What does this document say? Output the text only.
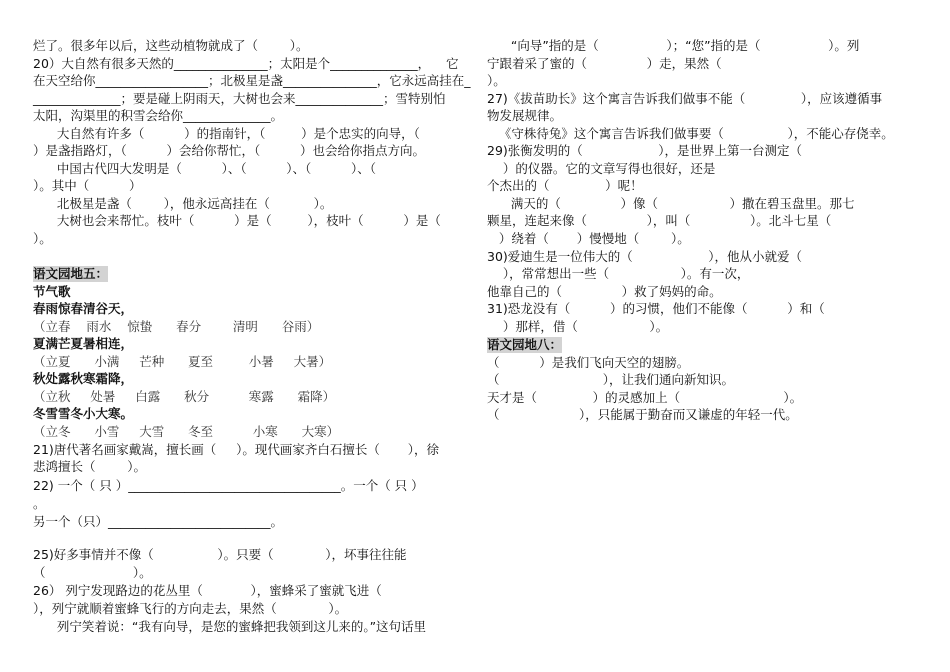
烂了。很多年以后，这些动植物就成了（        ）。
20）大自然有很多天然的_______________；太阳是个______________，    它
在天空给你__________________；北极星是盏_______________，它永远高挂在_
______________；要是碰上阴雨天，大树也会来______________；雪特别怕
太阳，沟渠里的积雪会给你______________。
大自然有许多（          ）的指南针，（         ）是个忠实的向导，（
）是盏指路灯，（          ）会给你帮忙，（          ）也会给你指点方向。
中国古代四大发明是（          ）、（          ）、（          ）、（
）。其中（          ）
北极星是盏（        ），他永远高挂在（           ）。
大树也会来帮忙。枝叶（          ）是（         ），枝叶（          ）是（
）。
语文园地五：
节气歌
春雨惊春清谷天，
（立春    雨水    惊蛰      春分        清明      谷雨）
夏满芒夏暑相连，
（立夏      小满     芒种      夏至         小暑     大暑）
秋处露秋寒霜降，
（立秋     处暑     白露      秋分          寒露      霜降）
冬雪雪冬小大寒。
（立冬      小雪     大雪      冬至          小寒      大寒）
21)唐代著名画家戴嵩，擅长画（     ）。现代画家齐白石擅长（       ），徐
悲鸿擅长（        ）。
22) 一个（ 只 ）__________________________________。一个（ 只 ）
。
另一个（只）__________________________。
25)好多事情并不像（                ）。只要（             ），坏事往往能
（                      ）。
26） 列宁发现路边的花丛里（            ），蜜蜂采了蜜就飞进（
），列宁就顺着蜜蜂飞行的方向走去，果然（             ）。
列宁笑着说：“我有向导，是您的蜜蜂把我领到这儿来的。”这句话里
“向导”指的是（                 ）；“您”指的是（                 ）。列
宁跟着采了蜜的（               ）走，果然（
）。
27)《拔苗助长》这个寓言告诉我们做事不能（              ），应该遵循事
物发展规律。
《守株待兔》这个寓言告诉我们做事要（                ），不能心存侥幸。
29)张衡发明的（                   ），是世界上第一台测定（
）的仪器。它的文章写得也很好，还是
个杰出的（              ）呢！
满天的（               ）像（                  ）撒在碧玉盘里。那七
颗星，连起来像（               ），叫（               ）。北斗七星（
）绕着（       ）慢慢地（        ）。
30)爱迪生是一位伟大的（                   ），他从小就爱（
），常常想出一些（                  ）。有一次，
他靠自己的（               ）救了妈妈的命。
31)恐龙没有（          ）的习惯，他们不能像（          ）和（
）那样，借（                  ）。
语文园地八：
（          ）是我们飞向天空的翅膀。
（                          ），让我们通向新知识。
天才是（              ）的灵感加上（                          ）。
（                    ），只能属于勤奋而又谦虚的年轻一代。
